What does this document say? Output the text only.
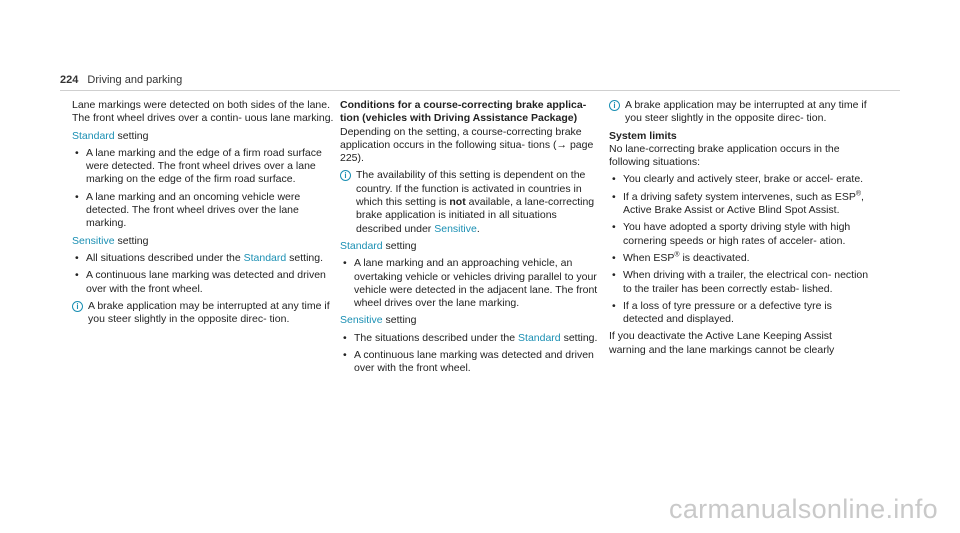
224 Driving and parking

Lane markings were detected on both sides of the lane. The front wheel drives over a contin- uous lane marking.

Standard setting

• A lane marking and the edge of a firm road surface were detected. The front wheel drives over a lane marking on the edge of the firm road surface.
• A lane marking and an oncoming vehicle were detected. The front wheel drives over the lane marking.

Sensitive setting

• All situations described under the Standard setting.
• A continuous lane marking was detected and driven over with the front wheel.
i A brake application may be interrupted at any time if you steer slightly in the opposite direc- tion.

Conditions for a course-correcting brake applica- tion (vehicles with Driving Assistance Package)

Depending on the setting, a course-correcting brake application occurs in the following situa- tions (→ page 225).

i The availability of this setting is dependent on the country. If the function is activated in countries in which this setting is not available, a lane-correcting brake application is initiated in all situations described under Sensitive.

Standard setting

• A lane marking and an approaching vehicle, an overtaking vehicle or vehicles driving parallel to your vehicle were detected in the adjacent lane. The front wheel drives over the lane marking.

Sensitive setting

• The situations described under the Standard setting.
• A continuous lane marking was detected and driven over with the front wheel.
i A brake application may be interrupted at any time if you steer slightly in the opposite direc- tion.

System limits

No lane-correcting brake application occurs in the following situations:

• You clearly and actively steer, brake or accel- erate.
• If a driving safety system intervenes, such as ESP®, Active Brake Assist or Active Blind Spot Assist.
• You have adopted a sporty driving style with high cornering speeds or high rates of acceler- ation.
• When ESP® is deactivated.
• When driving with a trailer, the electrical con- nection to the trailer has been correctly estab- lished.
• If a loss of tyre pressure or a defective tyre is detected and displayed.

If you deactivate the Active Lane Keeping Assist warning and the lane markings cannot be clearly

carmanualsonline.info
